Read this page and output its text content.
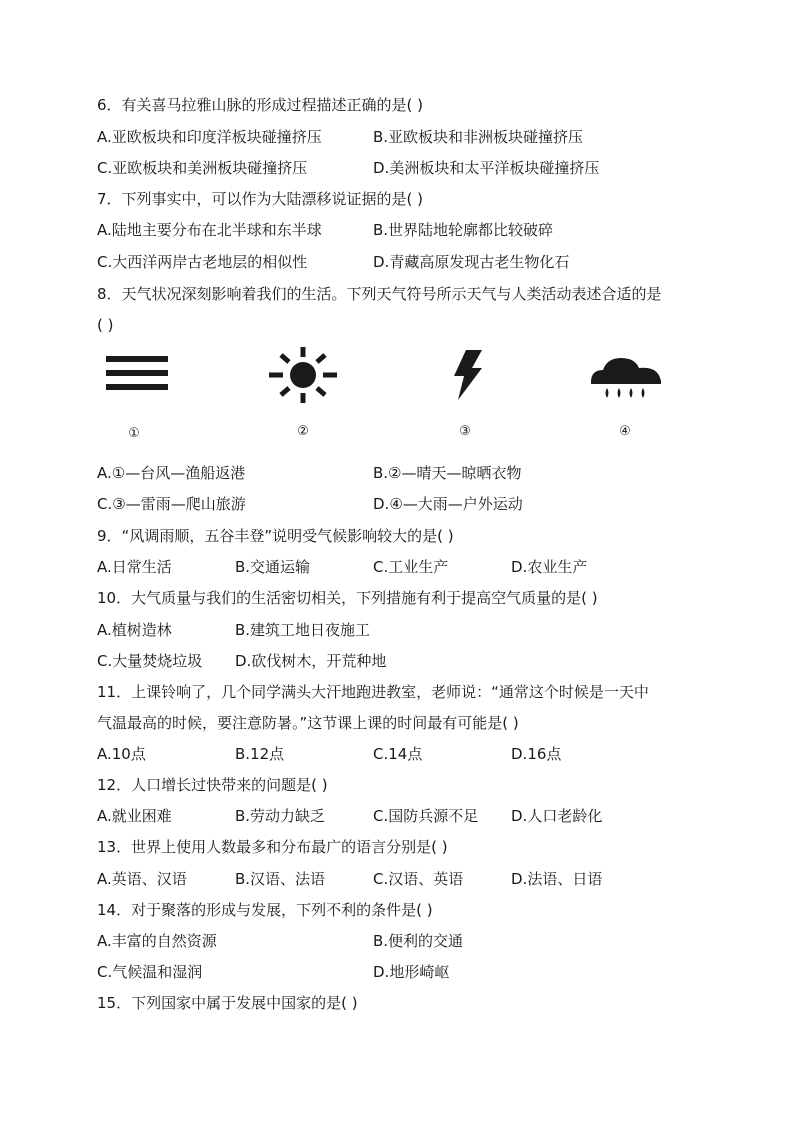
6．有关喜马拉雅山脉的形成过程描述正确的是( )
A.亚欧板块和印度洋板块碰撞挤压	B.亚欧板块和非洲板块碰撞挤压
C.亚欧板块和美洲板块碰撞挤压	D.美洲板块和太平洋板块碰撞挤压
7．下列事实中，可以作为大陆漂移说证据的是( )
A.陆地主要分布在北半球和东半球	B.世界陆地轮廓都比较破碎
C.大西洋两岸古老地层的相似性	D.青藏高原发现古老生物化石
8．天气状况深刻影响着我们的生活。下列天气符号所示天气与人类活动表述合适的是
( )
①	②	③	④
A.①—台风—渔船返港	B.②—晴天—晾晒衣物
C.③—雷雨—爬山旅游	D.④—大雨—户外运动
9．“风调雨顺，五谷丰登”说明受气候影响较大的是( )
A.日常生活	B.交通运输	C.工业生产	D.农业生产
10．大气质量与我们的生活密切相关，下列措施有利于提高空气质量的是( )
A.植树造林	B.建筑工地日夜施工
C.大量焚烧垃圾 D.砍伐树木，开荒种地
11．上课铃响了，几个同学满头大汗地跑进教室，老师说：“通常这个时候是一天中
气温最高的时候，要注意防暑。”这节课上课的时间最有可能是( )
A.10点	B.12点	C.14点	D.16点
12．人口增长过快带来的问题是( )
A.就业困难	B.劳动力缺乏	C.国防兵源不足 D.人口老龄化
13．世界上使用人数最多和分布最广的语言分别是( )
A.英语、汉语	B.汉语、法语	C.汉语、英语	D.法语、日语
14．对于聚落的形成与发展，下列不利的条件是( )
A.丰富的自然资源	B.便利的交通
C.气候温和湿润	D.地形崎岖
15．下列国家中属于发展中国家的是( )
